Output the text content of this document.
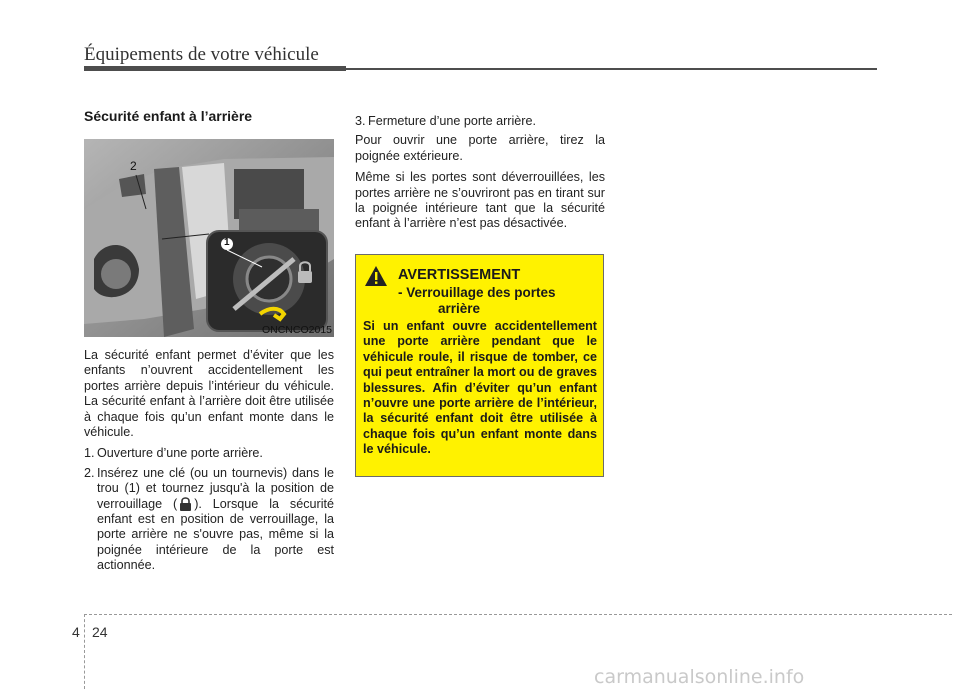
Équipements de votre véhicule
Sécurité enfant à l’arrière
2
1
ONCNCO2015

La sécurité enfant permet d’éviter que les enfants n’ouvrent accidentellement les portes arrière depuis l’intérieur du véhicule. La sécurité enfant à l’arrière doit être utilisée à chaque fois qu’un enfant monte dans le véhicule.

1. Ouverture d’une porte arrière.
2. Insérez une clé (ou un tournevis) dans le trou (1) et tournez jusqu'à la position de verrouillage ( ). Lorsque la sécurité enfant est en position de verrouillage, la porte arrière ne s'ouvre pas, même si la poignée intérieure de la porte est actionnée.
3. Fermeture d’une porte arrière.

Pour ouvrir une porte arrière, tirez la poignée extérieure.

Même si les portes sont déverrouillées, les portes arrière ne s’ouvriront pas en tirant sur la poignée intérieure tant que la sécurité enfant à l’arrière n’est pas désactivée.

AVERTISSEMENT
- Verrouillage des portes
arrière

Si un enfant ouvre accidentellement une porte arrière pendant que le véhicule roule, il risque de tomber, ce qui peut entraîner la mort ou de graves blessures. Afin d’éviter qu’un enfant n’ouvre une porte arrière de l’intérieur, la sécurité enfant doit être utilisée à chaque fois qu’un enfant monte dans le véhicule.

4 24
carmanualsonline.info
